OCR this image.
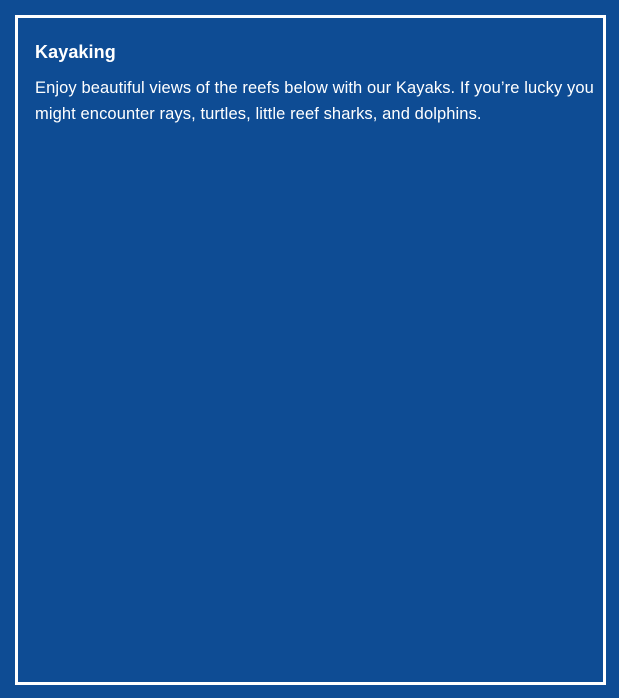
Kayaking

Enjoy beautiful views of the reefs below with our Kayaks. If you’re lucky you might encounter rays, turtles, little reef sharks, and dolphins.
